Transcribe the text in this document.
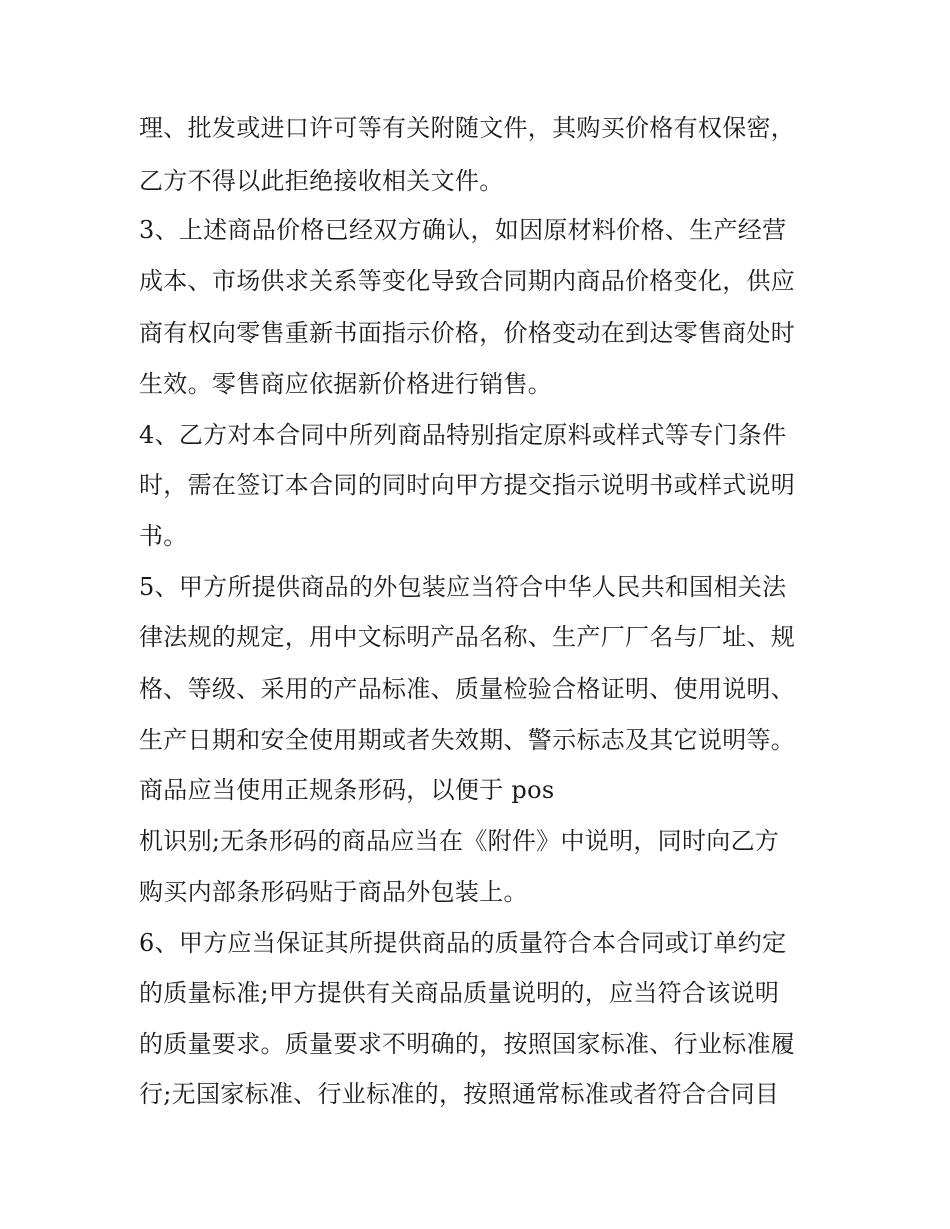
理、批发或进口许可等有关附随文件，其购买价格有权保密，

乙方不得以此拒绝接收相关文件。

3、上述商品价格已经双方确认，如因原材料价格、生产经营

成本、市场供求关系等变化导致合同期内商品价格变化，供应

商有权向零售重新书面指示价格，价格变动在到达零售商处时

生效。零售商应依据新价格进行销售。

4、乙方对本合同中所列商品特别指定原料或样式等专门条件

时，需在签订本合同的同时向甲方提交指示说明书或样式说明

书。

5、甲方所提供商品的外包装应当符合中华人民共和国相关法

律法规的规定，用中文标明产品名称、生产厂厂名与厂址、规

格、等级、采用的产品标准、质量检验合格证明、使用说明、

生产日期和安全使用期或者失效期、警示标志及其它说明等。

商品应当使用正规条形码，以便于 pos

机识别;无条形码的商品应当在《附件》中说明，同时向乙方

购买内部条形码贴于商品外包装上。

6、甲方应当保证其所提供商品的质量符合本合同或订单约定

的质量标准;甲方提供有关商品质量说明的，应当符合该说明

的质量要求。质量要求不明确的，按照国家标准、行业标准履

行;无国家标准、行业标准的，按照通常标准或者符合合同目
